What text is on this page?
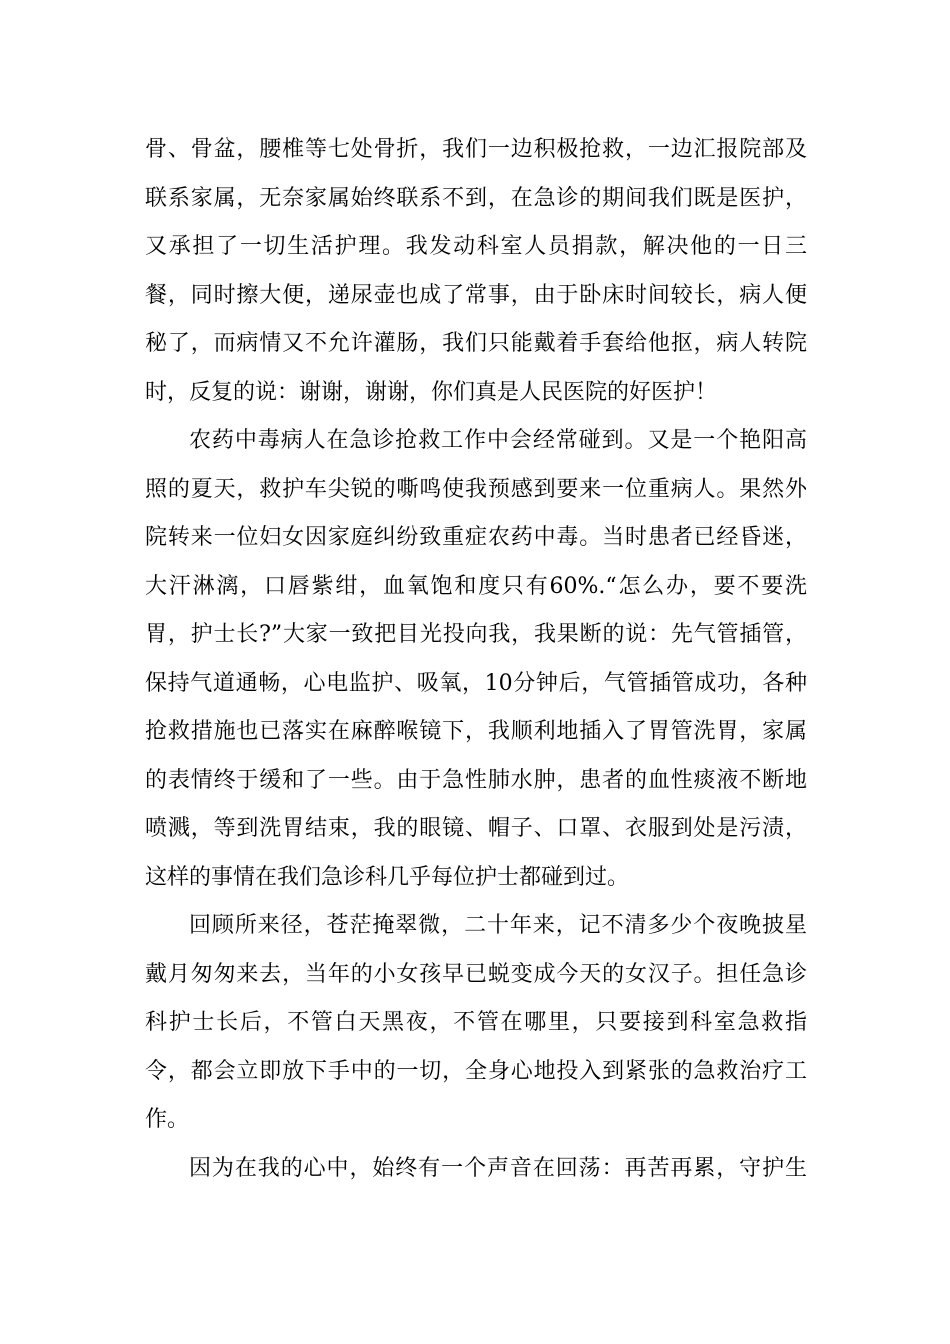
骨、骨盆，腰椎等七处骨折，我们一边积极抢救，一边汇报院部及
联系家属，无奈家属始终联系不到，在急诊的期间我们既是医护，
又承担了一切生活护理。我发动科室人员捐款，解决他的一日三
餐，同时擦大便，递尿壶也成了常事，由于卧床时间较长，病人便
秘了，而病情又不允许灌肠，我们只能戴着手套给他抠，病人转院
时，反复的说：谢谢，谢谢，你们真是人民医院的好医护！
农药中毒病人在急诊抢救工作中会经常碰到。又是一个艳阳高
照的夏天，救护车尖锐的嘶鸣使我预感到要来一位重病人。果然外
院转来一位妇女因家庭纠纷致重症农药中毒。当时患者已经昏迷，
大汗淋漓，口唇紫绀，血氧饱和度只有60%.“怎么办，要不要洗
胃，护士长?”大家一致把目光投向我，我果断的说：先气管插管，
保持气道通畅，心电监护、吸氧，10分钟后，气管插管成功，各种
抢救措施也已落实在麻醉喉镜下，我顺利地插入了胃管洗胃，家属
的表情终于缓和了一些。由于急性肺水肿，患者的血性痰液不断地
喷溅，等到洗胃结束，我的眼镜、帽子、口罩、衣服到处是污渍，
这样的事情在我们急诊科几乎每位护士都碰到过。
回顾所来径，苍茫掩翠微，二十年来，记不清多少个夜晚披星
戴月匆匆来去，当年的小女孩早已蜕变成今天的女汉子。担任急诊
科护士长后，不管白天黑夜，不管在哪里，只要接到科室急救指
令，都会立即放下手中的一切，全身心地投入到紧张的急救治疗工
作。
因为在我的心中，始终有一个声音在回荡：再苦再累，守护生
